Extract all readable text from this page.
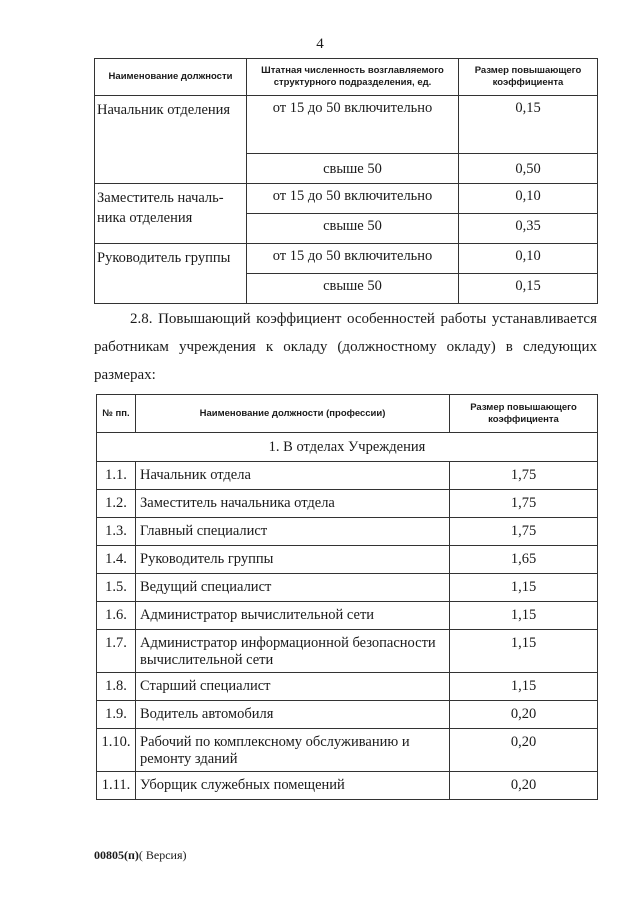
4
Наименование должности	Штатная численность возглавляемого структурного подразделения, ед.	Размер повышающего коэффициента
Начальник отделения	от 15 до 50 включительно	0,15
	свыше 50	0,50
Заместитель началь-ника отделения	от 15 до 50 включительно	0,10
	свыше 50	0,35
Руководитель группы	от 15 до 50 включительно	0,10
	свыше 50	0,15

2.8. Повышающий коэффициент особенностей работы устанавливается работникам учреждения к окладу (должностному окладу) в следующих размерах:

№ пп.	Наименование должности (профессии)	Размер повышающего коэффициента
1. В отделах Учреждения		
1.1.	Начальник отдела	1,75
1.2.	Заместитель начальника отдела	1,75
1.3.	Главный специалист	1,75
1.4.	Руководитель группы	1,65
1.5.	Ведущий специалист	1,15
1.6.	Администратор вычислительной сети	1,15
1.7.	Администратор информационной безопасности вычислительной сети	1,15
1.8.	Старший специалист	1,15
1.9.	Водитель автомобиля	0,20
1.10.	Рабочий по комплексному обслуживанию и ремонту зданий	0,20
1.11.	Уборщик служебных помещений	0,20
00805(п)( Версия)
